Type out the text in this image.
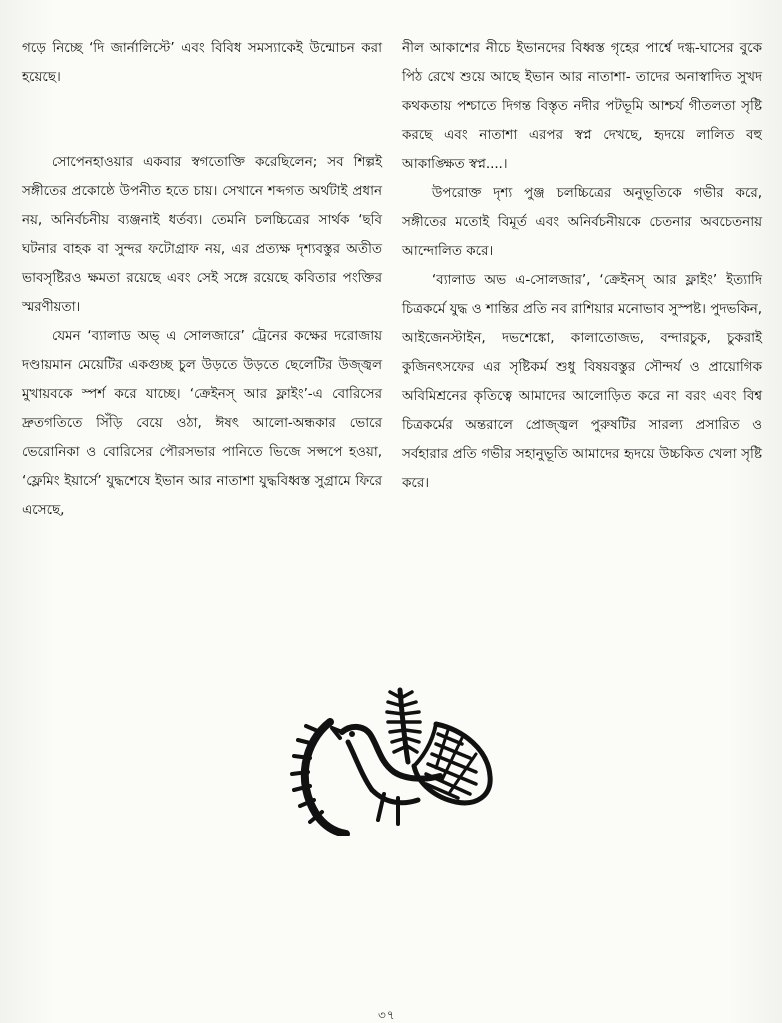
গড়ে নিচ্ছে ‘দি জার্নালিস্টে’ এবং বিবিধ সমস্যাকেই উন্মোচন করা হয়েছে।

সোপেনহাওয়ার একবার স্বগতোক্তি করেছিলেন; সব শিল্পই সঙ্গীতের প্রকোষ্ঠে উপনীত হতে চায়। সেখানে শব্দগত অর্থটাই প্রধান নয়, অনির্বচনীয় ব্যঞ্জনাই ধর্তব্য। তেমনি চলচ্চিত্রের সার্থক ‘ছবি ঘটনার বাহক বা সুন্দর ফটোগ্রাফ নয়, এর প্রত্যক্ষ দৃশ্যবস্তুর অতীত ভাবসৃষ্টিরও ক্ষমতা রয়েছে এবং সেই সঙ্গে রয়েছে কবিতার পংক্তির স্মরণীয়তা।

যেমন ‘ব্যালাড অভ্ এ সোলজারে’ ট্রেনের কক্ষের দরোজায় দণ্ডায়মান মেয়েটির একগুচ্ছ চুল উড়তে উড়তে ছেলেটির উজ্জ্বল মুখায়বকে স্পর্শ করে যাচ্ছে। ‘ক্রেইনস্ আর ফ্লাইং’-এ বোরিসের দ্রুতগতিতে সিঁড়ি বেয়ে ওঠা, ঈষৎ আলো-অন্ধকার ভোরে ভেরোনিকা ও বোরিসের পৌরসভার পানিতে ভিজে সপ্সপে হওয়া, ‘ফ্লেমিং ইয়ার্সে’ যুদ্ধশেষে ইভান আর নাতাশা যুদ্ধবিধ্বস্ত সুগ্রামে ফিরে এসেছে,

নীল আকাশের নীচে ইভানদের বিধ্বস্ত গৃহের পার্শ্বে দগ্ধ-ঘাসের বুকে পিঠ রেখে শুয়ে আছে ইভান আর নাতাশা- তাদের অনাস্বাদিত সুখদ কথকতায় পশ্চাতে দিগন্ত বিস্তৃত নদীর পটভূমি আশ্চর্য গীতলতা সৃষ্টি করছে এবং নাতাশা এরপর স্বপ্ন দেখছে, হৃদয়ে লালিত বহু আকাঙ্ক্ষিত স্বপ্ন....।

উপরোক্ত দৃশ্য পুঞ্জ চলচ্চিত্রের অনুভূতিকে গভীর করে, সঙ্গীতের মতোই বিমূর্ত এবং অনির্বচনীয়কে চেতনার অবচেতনায় আন্দোলিত করে।

‘ব্যালাড অভ এ-সোলজার’, ‘ক্রেইনস্ আর ফ্লাইং’ ইত্যাদি চিত্রকর্মে যুদ্ধ ও শান্তির প্রতি নব রাশিয়ার মনোভাব সুস্পষ্ট। পুদভকিন, আইজেনস্টাইন, দভশেঙ্কো, কালাতোজভ, বন্দারচুক, চুকরাই কুজিনৎসফের এর সৃষ্টিকর্ম শুধু বিষয়বস্তুর সৌন্দর্য ও প্রায়োগিক অবিমিশ্রনের কৃতিত্বে আমাদের আলোড়িত করে না বরং এবং বিশ্ব চিত্রকর্মের অন্তরালে প্রোজ্জ্বল পুরুষটির সারল্য প্রসারিত ও সর্বহারার প্রতি গভীর সহানুভূতি আমাদের হৃদয়ে উচ্চকিত খেলা সৃষ্টি করে।

৩৭
